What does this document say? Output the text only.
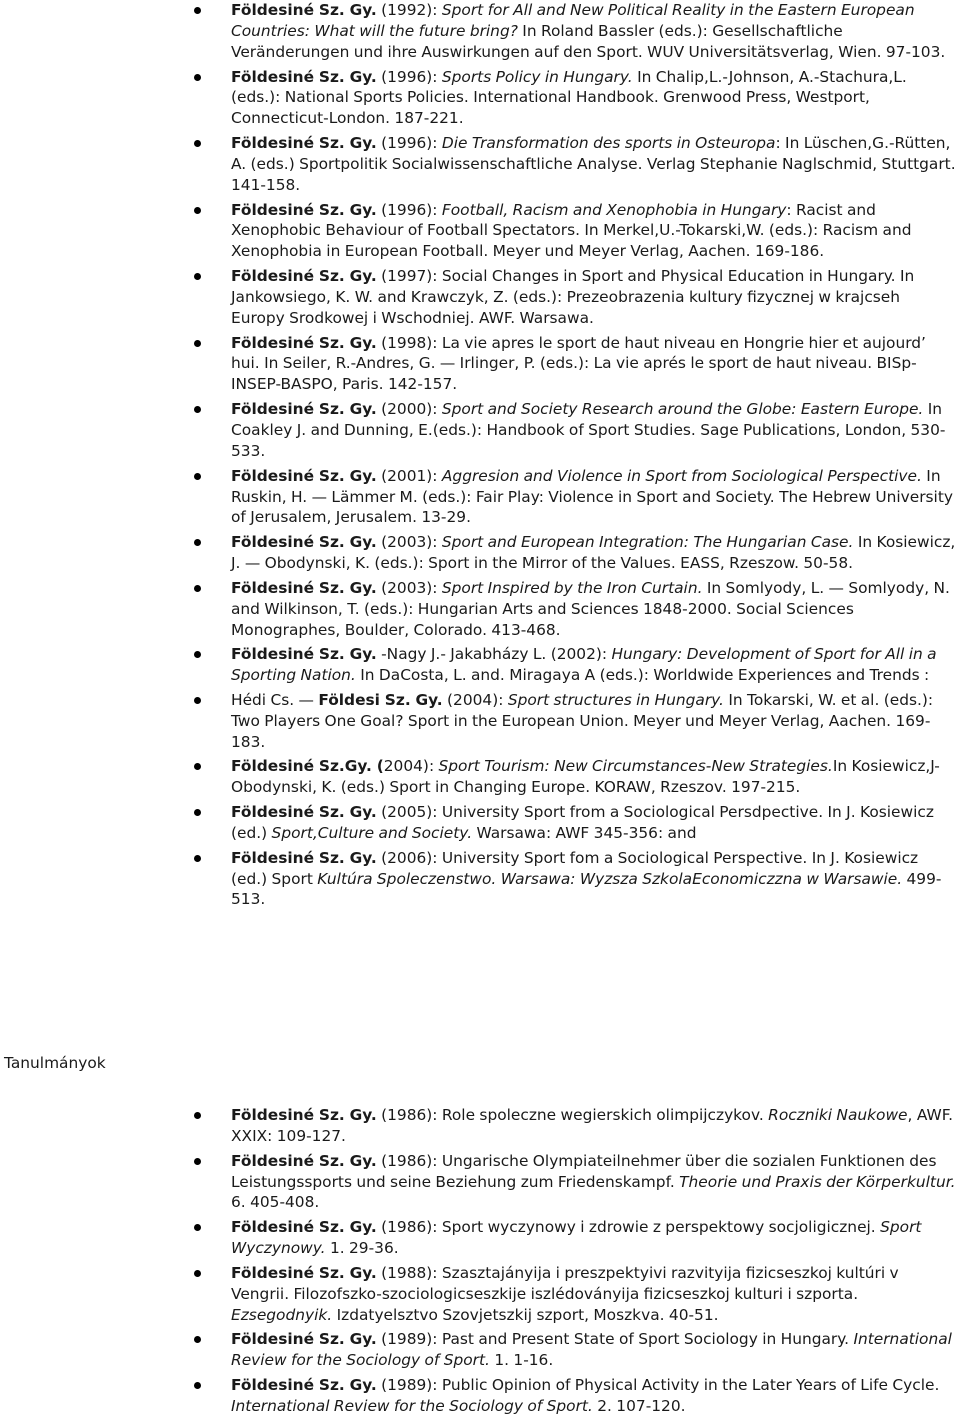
Földesiné Sz. Gy. (1992): Sport for All and New Political Reality in the Eastern European Countries: What will the future bring? In Roland Bassler (eds.): Gesellschaftliche Veränderungen und ihre Auswirkungen auf den Sport. WUV Universitätsverlag, Wien. 97-103.
Földesiné Sz. Gy. (1996): Sports Policy in Hungary. In Chalip,L.-Johnson, A.-Stachura,L. (eds.): National Sports Policies. International Handbook. Grenwood Press, Westport, Connecticut-London. 187-221.
Földesiné Sz. Gy. (1996): Die Transformation des sports in Osteuropa: In Lüschen,G.-Rütten, A. (eds.) Sportpolitik Socialwissenschaftliche Analyse. Verlag Stephanie Naglschmid, Stuttgart. 141-158.
Földesiné Sz. Gy. (1996): Football, Racism and Xenophobia in Hungary: Racist and Xenophobic Behaviour of Football Spectators. In Merkel,U.-Tokarski,W. (eds.): Racism and Xenophobia in European Football. Meyer und Meyer Verlag, Aachen. 169-186.
Földesiné Sz. Gy. (1997): Social Changes in Sport and Physical Education in Hungary. In Jankowsiego, K. W. and Krawczyk, Z. (eds.): Prezeobrazenia kultury fizycznej w krajcseh Europy Srodkowej i Wschodniej. AWF. Warsawa.
Földesiné Sz. Gy. (1998): La vie apres le sport de haut niveau en Hongrie hier et aujourd’ hui. In Seiler, R.-Andres, G. — Irlinger, P. (eds.): La vie aprés le sport de haut niveau. BISp-INSEP-BASPO, Paris. 142-157.
Földesiné Sz. Gy. (2000): Sport and Society Research around the Globe: Eastern Europe. In Coakley J. and Dunning, E.(eds.): Handbook of Sport Studies. Sage Publications, London, 530-533.
Földesiné Sz. Gy. (2001): Aggresion and Violence in Sport from Sociological Perspective. In Ruskin, H. — Lämmer M. (eds.): Fair Play: Violence in Sport and Society. The Hebrew University of Jerusalem, Jerusalem. 13-29.
Földesiné Sz. Gy. (2003): Sport and European Integration: The Hungarian Case. In Kosiewicz, J. — Obodynski, K. (eds.): Sport in the Mirror of the Values. EASS, Rzeszow. 50-58.
Földesiné Sz. Gy. (2003): Sport Inspired by the Iron Curtain. In Somlyody, L. — Somlyody, N. and Wilkinson, T. (eds.): Hungarian Arts and Sciences 1848-2000. Social Sciences Monographes, Boulder, Colorado. 413-468.
Földesiné Sz. Gy. -Nagy J.- Jakabházy L. (2002): Hungary: Development of Sport for All in a Sporting Nation. In DaCosta, L. and. Miragaya A (eds.): Worldwide Experiences and Trends :
Hédi Cs. — Földesi Sz. Gy. (2004): Sport structures in Hungary. In Tokarski, W. et al. (eds.): Two Players One Goal? Sport in the European Union. Meyer und Meyer Verlag, Aachen. 169-183.
Földesiné Sz.Gy. (2004): Sport Tourism: New Circumstances-New Strategies.In Kosiewicz,J-Obodynski, K. (eds.) Sport in Changing Europe. KORAW, Rzeszov. 197-215.
Földesiné Sz. Gy. (2005): University Sport from a Sociological Persdpective. In J. Kosiewicz (ed.) Sport,Culture and Society. Warsawa: AWF 345-356: and
Földesiné Sz. Gy. (2006): University Sport fom a Sociological Perspective. In J. Kosiewicz (ed.) Sport Kultúra Spoleczenstwo. Warsawa: Wyzsza SzkolaEconomiczzna w Warsawie. 499-513.
Tanulmányok
Földesiné Sz. Gy. (1986): Role spoleczne wegierskich olimpijczykov. Roczniki Naukowe, AWF. XXIX: 109-127.
Földesiné Sz. Gy. (1986): Ungarische Olympiateilnehmer über die sozialen Funktionen des Leistungssports und seine Beziehung zum Friedenskampf. Theorie und Praxis der Körperkultur. 6. 405-408.
Földesiné Sz. Gy. (1986): Sport wyczynowy i zdrowie z perspektowy socjoligicznej. Sport Wyczynowy. 1. 29-36.
Földesiné Sz. Gy. (1988): Szasztajányija i preszpektyivi razvityija fizicseszkoj kultúri v Vengrii. Filozofszko-szociologicseszkije iszlédoványija fizicseszkoj kulturi i szporta. Ezsegodnyik. Izdatyelsztvo Szovjetszkij szport, Moszkva. 40-51.
Földesiné Sz. Gy. (1989): Past and Present State of Sport Sociology in Hungary. International Review for the Sociology of Sport. 1. 1-16.
Földesiné Sz. Gy. (1989): Public Opinion of Physical Activity in the Later Years of Life Cycle. International Review for the Sociology of Sport. 2. 107-120.
